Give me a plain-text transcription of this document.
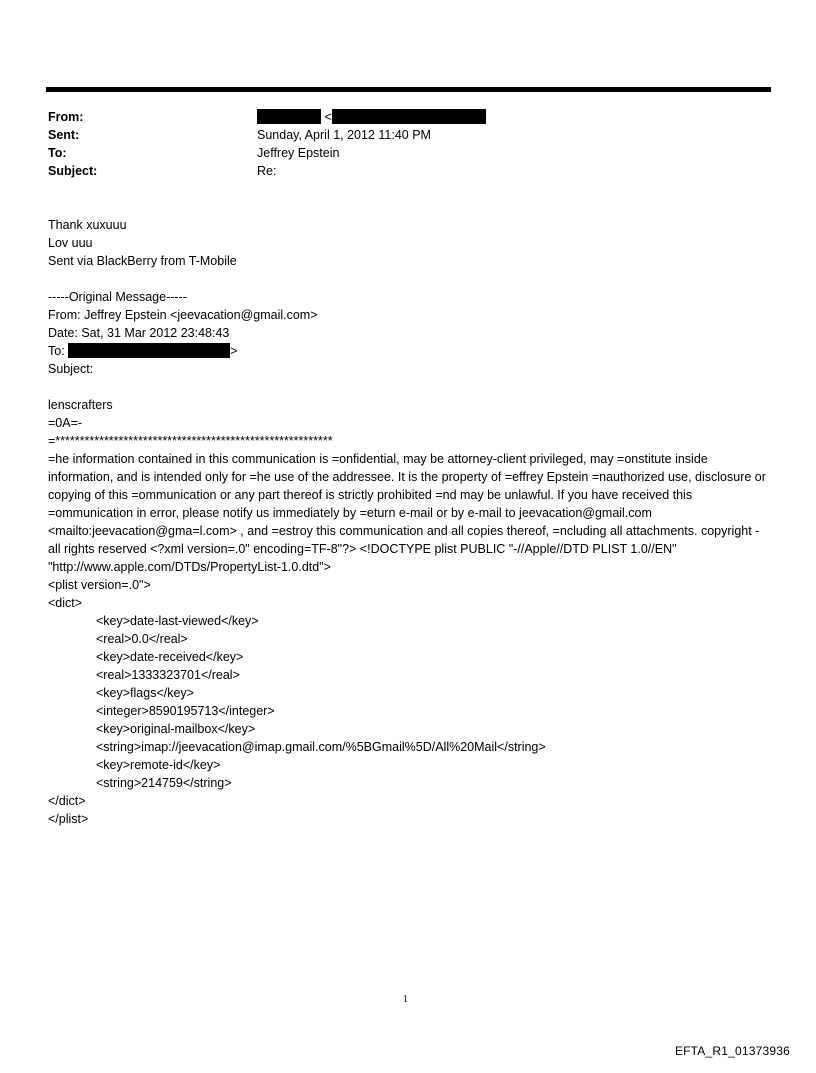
From:	<
Sent:	Sunday, April 1, 2012 11:40 PM
To:	Jeffrey Epstein
Subject:	Re:
Thank xuxuuu
Lov uuu
Sent via BlackBerry from T-Mobile
-----Original Message-----
From: Jeffrey Epstein <jeevacation@gmail.com>
Date: Sat, 31 Mar 2012 23:48:43
To:	>
Subject:
lenscrafters
=0A=-
=*********************************************************
=he information contained in this communication is =onfidential, may be attorney-client privileged, may =onstitute inside information, and is intended only for =he use of the addressee. It is the property of =effrey Epstein =nauthorized use, disclosure or copying of this =ommunication or any part thereof is strictly prohibited =nd may be unlawful. If you have received this =ommunication in error, please notify us immediately by =eturn e-mail or by e-mail to jeevacation@gmail.com <mailto:jeevacation@gma=l.com> , and =estroy this communication and all copies thereof, =ncluding all attachments. copyright -all rights reserved <?xml version=.0" encoding=TF-8"?> <!DOCTYPE plist PUBLIC "-//Apple//DTD PLIST 1.0//EN" "http://www.apple.com/DTDs/PropertyList-1.0.dtd">
<plist version=.0">
<dict>
<key>date-last-viewed</key>
<real>0.0</real>
<key>date-received</key>
<real>1333323701</real>
<key>flags</key>
<integer>8590195713</integer>
<key>original-mailbox</key>
<string>imap://jeevacation@imap.gmail.com/%5BGmail%5D/All%20Mail</string>
<key>remote-id</key>
<string>214759</string>
</dict>
</plist>
1
EFTA_R1_01373936
